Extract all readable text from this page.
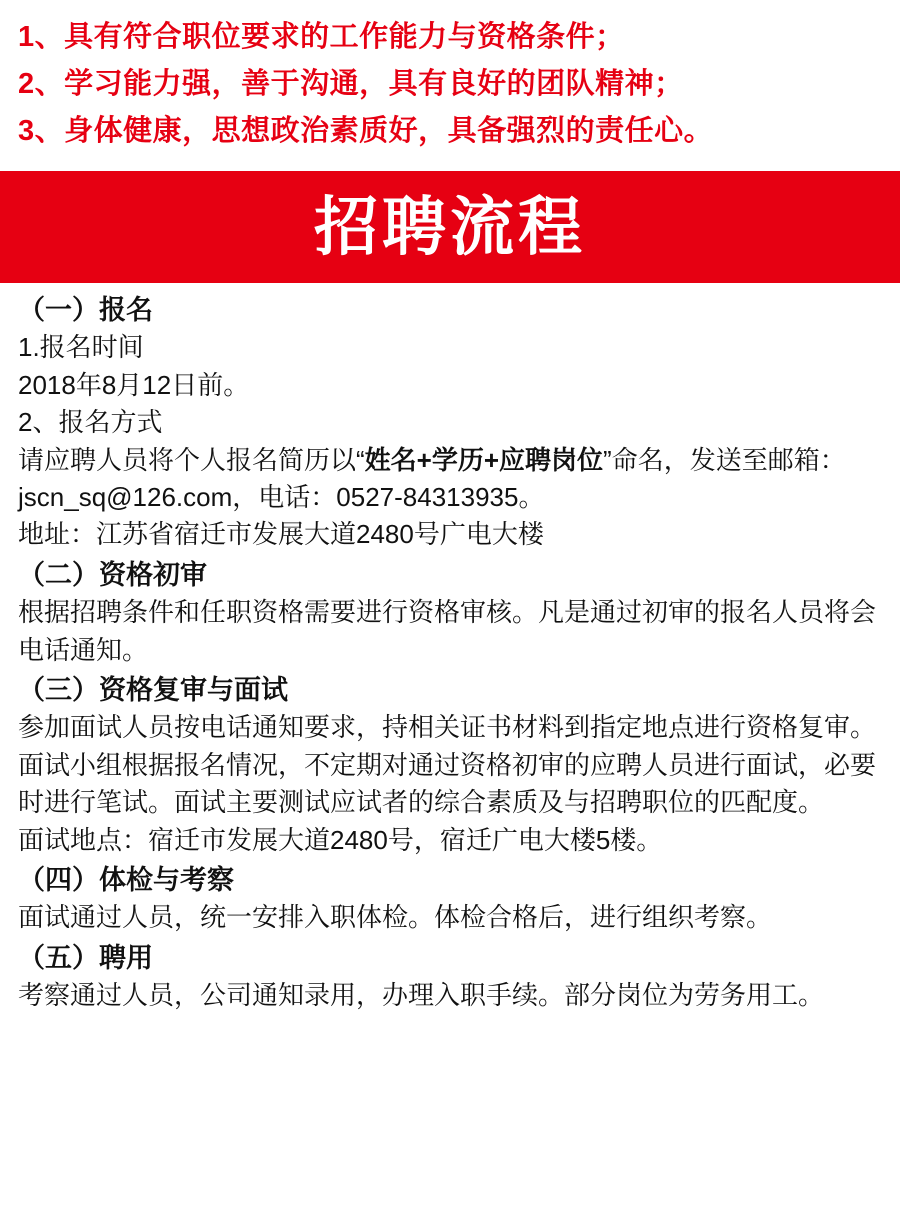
1、具有符合职位要求的工作能力与资格条件；
2、学习能力强，善于沟通，具有良好的团队精神；
3、身体健康，思想政治素质好，具备强烈的责任心。
招聘流程
（一）报名
1.报名时间
2018年8月12日前。
2、报名方式
请应聘人员将个人报名简历以“姓名+学历+应聘岗位”命名，发送至邮箱：jscn_sq@126.com，电话：0527-84313935。
地址：江苏省宿迁市发展大道2480号广电大楼
（二）资格初审
根据招聘条件和任职资格需要进行资格审核。凡是通过初审的报名人员将会电话通知。
（三）资格复审与面试
参加面试人员按电话通知要求，持相关证书材料到指定地点进行资格复审。面试小组根据报名情况，不定期对通过资格初审的应聘人员进行面试，必要时进行笔试。面试主要测试应试者的综合素质及与招聘职位的匹配度。
面试地点：宿迁市发展大道2480号，宿迁广电大楼5楼。
（四）体检与考察
面试通过人员，统一安排入职体检。体检合格后，进行组织考察。
（五）聘用
考察通过人员，公司通知录用，办理入职手续。部分岗位为劳务用工。
